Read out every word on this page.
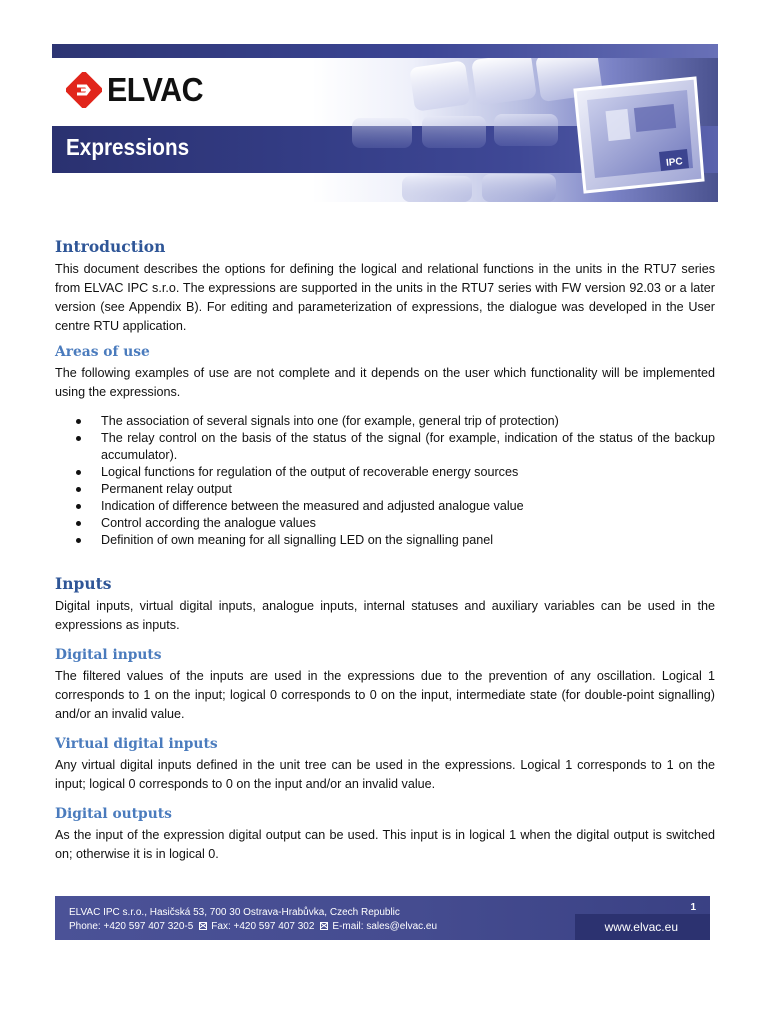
ELVAC
Expressions
IPC
Introduction

This document describes the options for defining the logical and relational functions in the units in the RTU7 series from ELVAC IPC s.r.o. The expressions are supported in the units in the RTU7 series with FW version 92.03 or a later version (see Appendix B). For editing and parameterization of expressions, the dialogue was developed in the User centre RTU application.

Areas of use

The following examples of use are not complete and it depends on the user which functionality will be implemented using the expressions.

The association of several signals into one (for example, general trip of protection)
The relay control on the basis of the status of the signal (for example, indication of the status of the backup accumulator).
Logical functions for regulation of the output of recoverable energy sources
Permanent relay output
Indication of difference between the measured and adjusted analogue value
Control according the analogue values
Definition of own meaning for all signalling LED on the signalling panel
Inputs

Digital inputs, virtual digital inputs, analogue inputs, internal statuses and auxiliary variables can be used in the expressions as inputs.

Digital inputs

The filtered values of the inputs are used in the expressions due to the prevention of any oscillation. Logical 1 corresponds to 1 on the input; logical 0 corresponds to 0 on the input, intermediate state (for double-point signalling) and/or an invalid value.

Virtual digital inputs

Any virtual digital inputs defined in the unit tree can be used in the expressions. Logical 1 corresponds to 1 on the input; logical 0 corresponds to 0 on the input and/or an invalid value.

Digital outputs

As the input of the expression digital output can be used. This input is in logical 1 when the digital output is switched on; otherwise it is in logical 0.

ELVAC IPC s.r.o., Hasičská 53, 700 30 Ostrava-Hrabůvka, Czech Republic
Phone: +420 597 407 320-5 Fax: +420 597 407 302 E-mail: sales@elvac.eu
1
www.elvac.eu
